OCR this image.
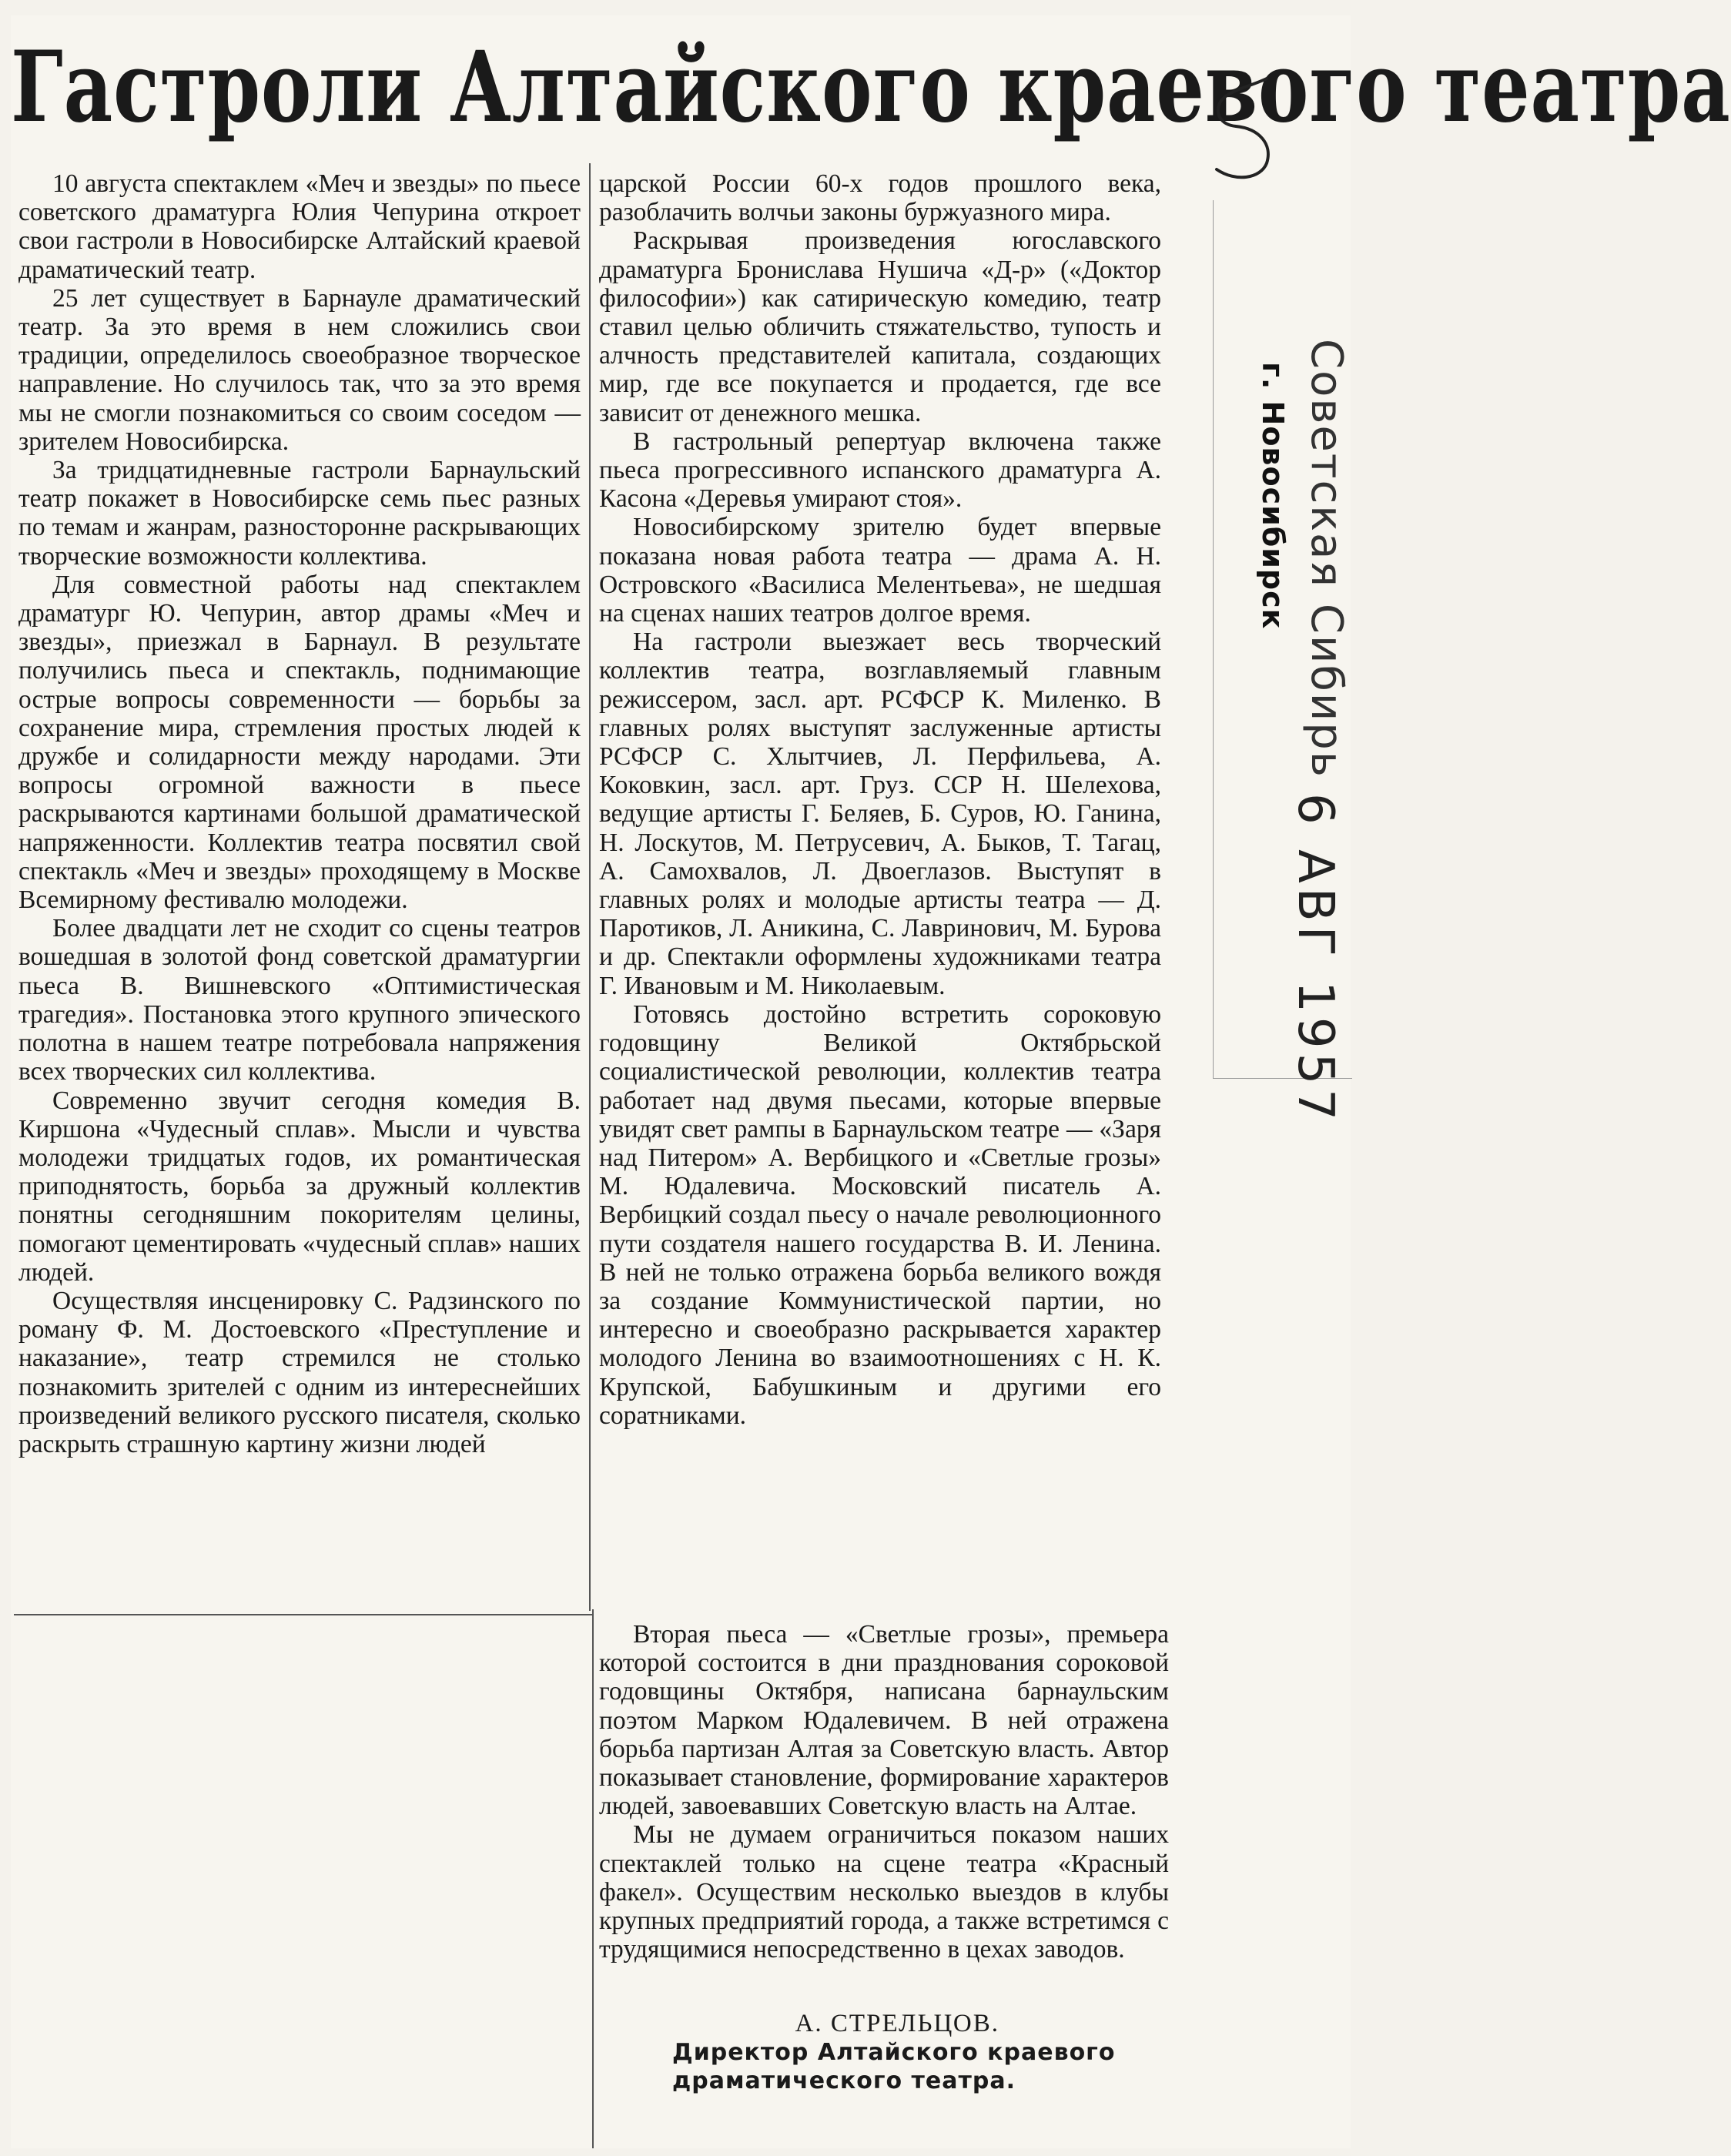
Гастроли Алтайского краевого театра

10 августа спектаклем «Меч и звезды» по пьесе советского драматурга Юлия Чепурина откроет свои гастроли в Новосибирске Алтайский краевой драматический театр.

25 лет существует в Барнауле драматический театр. За это время в нем сложились свои традиции, определилось своеобразное творческое направление. Но случилось так, что за это время мы не смогли познакомиться со своим соседом — зрителем Новосибирска.

За тридцатидневные гастроли Барнаульский театр покажет в Новосибирске семь пьес разных по темам и жанрам, разносторонне раскрывающих творческие возможности коллектива.

Для совместной работы над спектаклем драматург Ю. Чепурин, автор драмы «Меч и звезды», приезжал в Барнаул. В результате получились пьеса и спектакль, поднимающие острые вопросы современности — борьбы за сохранение мира, стремления простых людей к дружбе и солидарности между народами. Эти вопросы огромной важности в пьесе раскрываются картинами большой драматической напряженности. Коллектив театра посвятил свой спектакль «Меч и звезды» проходящему в Москве Всемирному фестивалю молодежи.

Более двадцати лет не сходит со сцены театров вошедшая в золотой фонд советской драматургии пьеса В. Вишневского «Оптимистическая трагедия». Постановка этого крупного эпического полотна в нашем театре потребовала напряжения всех творческих сил коллектива.

Современно звучит сегодня комедия В. Киршона «Чудесный сплав». Мысли и чувства молодежи тридцатых годов, их романтическая приподнятость, борьба за дружный коллектив понятны сегодняшним покорителям целины, помогают цементировать «чудесный сплав» наших людей.

Осуществляя инсценировку С. Радзинского по роману Ф. М. Достоевского «Преступление и наказание», театр стремился не столько познакомить зрителей с одним из интереснейших произведений великого русского писателя, сколько раскрыть страшную картину жизни людей

царской России 60-х годов прошлого века, разоблачить волчьи законы буржуазного мира.

Раскрывая произведения югославского драматурга Бронислава Нушича «Д-р» («Доктор философии») как сатирическую комедию, театр ставил целью обличить стяжательство, тупость и алчность представителей капитала, создающих мир, где все покупается и продается, где все зависит от денежного мешка.

В гастрольный репертуар включена также пьеса прогрессивного испанского драматурга А. Касона «Деревья умирают стоя».

Новосибирскому зрителю будет впервые показана новая работа театра — драма А. Н. Островского «Василиса Мелентьева», не шедшая на сценах наших театров долгое время.

На гастроли выезжает весь творческий коллектив театра, возглавляемый главным режиссером, засл. арт. РСФСР К. Миленко. В главных ролях выступят заслуженные артисты РСФСР С. Хлытчиев, Л. Перфильева, А. Коковкин, засл. арт. Груз. ССР Н. Шелехова, ведущие артисты Г. Беляев, Б. Суров, Ю. Ганина, Н. Лоскутов, М. Петрусевич, А. Быков, Т. Тагац, А. Самохвалов, Л. Двоеглазов. Выступят в главных ролях и молодые артисты театра — Д. Паротиков, Л. Аникина, С. Лавринович, М. Бурова и др. Спектакли оформлены художниками театра Г. Ивановым и М. Николаевым.

Готовясь достойно встретить сороковую годовщину Великой Октябрьской социалистической революции, коллектив театра работает над двумя пьесами, которые впервые увидят свет рампы в Барнаульском театре — «Заря над Питером» А. Вербицкого и «Светлые грозы» М. Юдалевича. Московский писатель А. Вербицкий создал пьесу о начале революционного пути создателя нашего государства В. И. Ленина. В ней не только отражена борьба великого вождя за создание Коммунистической партии, но интересно и своеобразно раскрывается характер молодого Ленина во взаимоотношениях с Н. К. Крупской, Бабушкиным и другими его соратниками.

Вторая пьеса — «Светлые грозы», премьера которой состоится в дни празднования сороковой годовщины Октября, написана барнаульским поэтом Марком Юдалевичем. В ней отражена борьба партизан Алтая за Советскую власть. Автор показывает становление, формирование характеров людей, завоевавших Советскую власть на Алтае.

Мы не думаем ограничиться показом наших спектаклей только на сцене театра «Красный факел». Осуществим несколько выездов в клубы крупных предприятий города, а также встретимся с трудящимися непосредственно в цехах заводов.

А. СТРЕЛЬЦОВ.
Директор Алтайского краевого
драматического театра.
Советская Сибирь
г. Новосибирск
6 АВГ 1957
